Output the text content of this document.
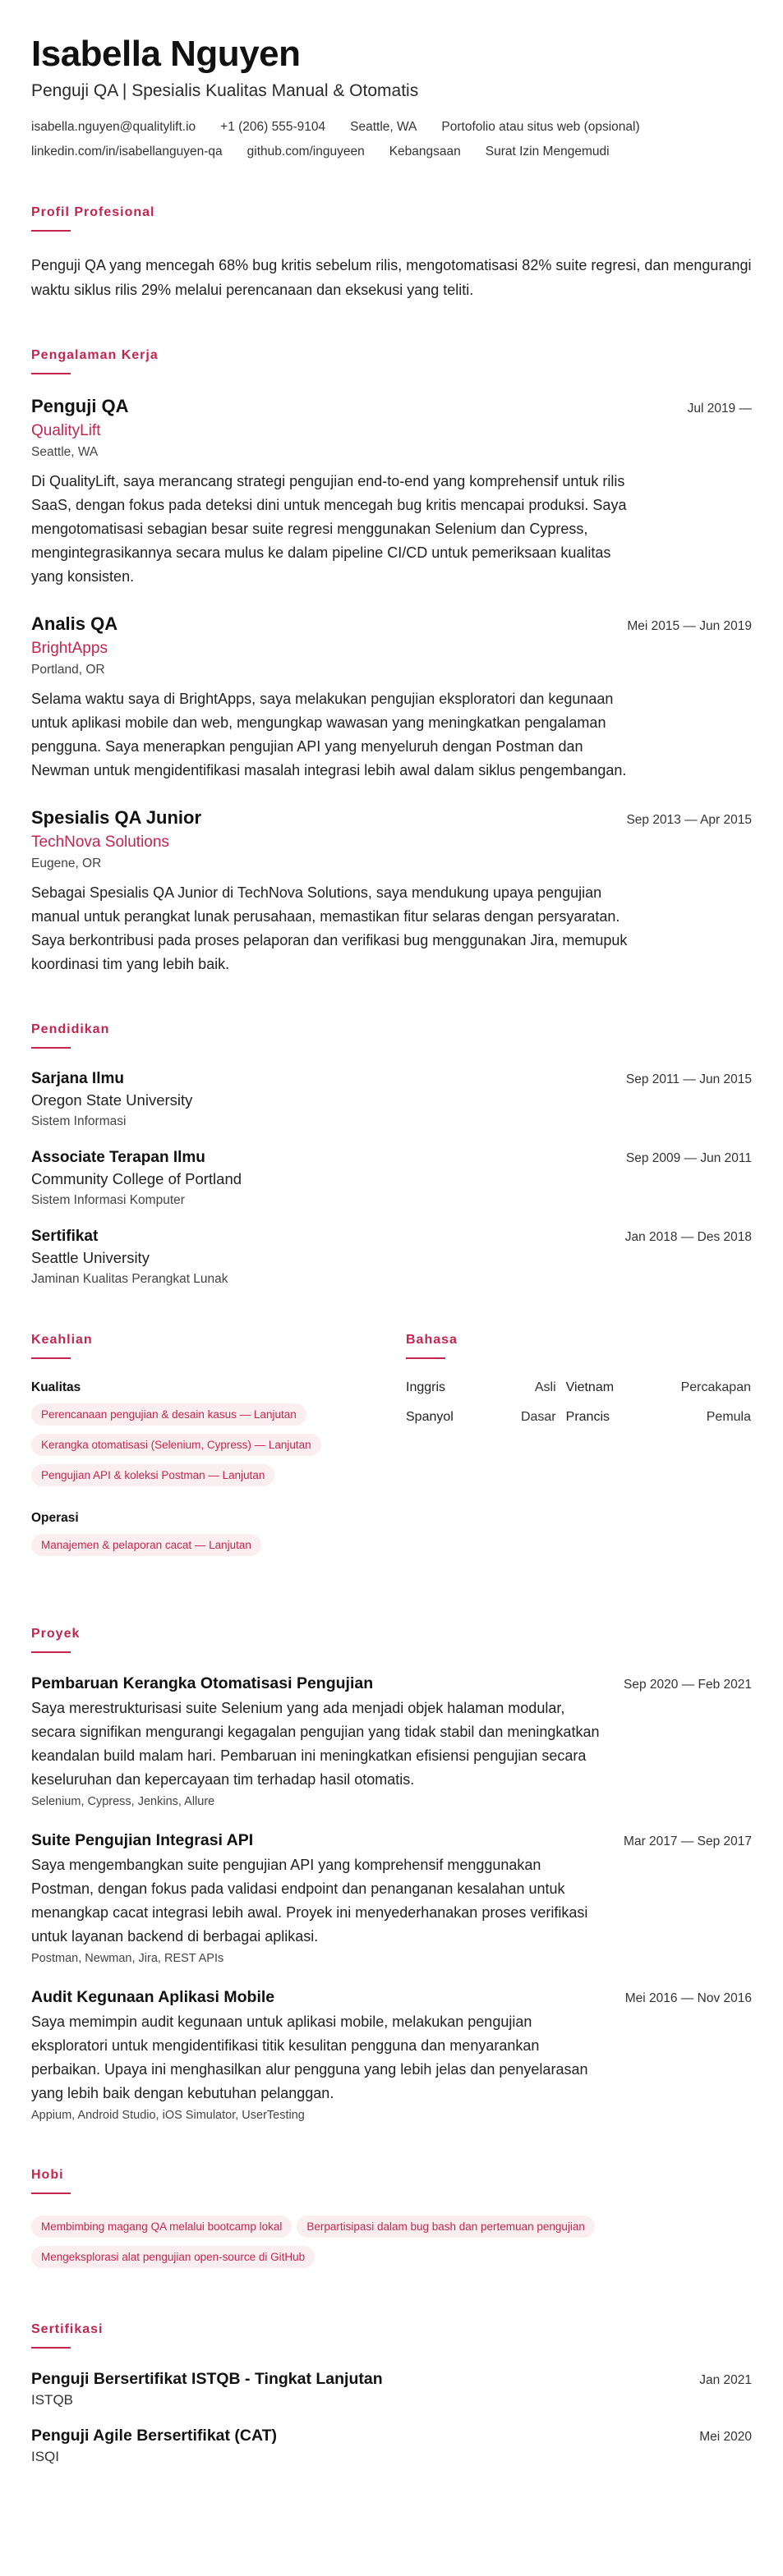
Isabella Nguyen
Penguji QA | Spesialis Kualitas Manual & Otomatis
isabella.nguyen@qualitylift.io +1 (206) 555-9104 Seattle, WA Portofolio atau situs web (opsional)
linkedin.com/in/isabellanguyen-qa github.com/inguyeen Kebangsaan Surat Izin Mengemudi
Profil Profesional

Penguji QA yang mencegah 68% bug kritis sebelum rilis, mengotomatisasi 82% suite regresi, dan mengurangi waktu siklus rilis 29% melalui perencanaan dan eksekusi yang teliti.

Pengalaman Kerja
Penguji QA	Jul 2019 —
QualityLift
Seattle, WA

Di QualityLift, saya merancang strategi pengujian end-to-end yang komprehensif untuk rilis SaaS, dengan fokus pada deteksi dini untuk mencegah bug kritis mencapai produksi. Saya mengotomatisasi sebagian besar suite regresi menggunakan Selenium dan Cypress, mengintegrasikannya secara mulus ke dalam pipeline CI/CD untuk pemeriksaan kualitas yang konsisten.

Analis QA	Mei 2015 — Jun 2019
BrightApps
Portland, OR

Selama waktu saya di BrightApps, saya melakukan pengujian eksploratori dan kegunaan untuk aplikasi mobile dan web, mengungkap wawasan yang meningkatkan pengalaman pengguna. Saya menerapkan pengujian API yang menyeluruh dengan Postman dan Newman untuk mengidentifikasi masalah integrasi lebih awal dalam siklus pengembangan.

Spesialis QA Junior	Sep 2013 — Apr 2015
TechNova Solutions
Eugene, OR

Sebagai Spesialis QA Junior di TechNova Solutions, saya mendukung upaya pengujian manual untuk perangkat lunak perusahaan, memastikan fitur selaras dengan persyaratan. Saya berkontribusi pada proses pelaporan dan verifikasi bug menggunakan Jira, memupuk koordinasi tim yang lebih baik.

Pendidikan
Sarjana Ilmu	Sep 2011 — Jun 2015
Oregon State University
Sistem Informasi
Associate Terapan Ilmu	Sep 2009 — Jun 2011
Community College of Portland
Sistem Informasi Komputer
Sertifikat	Jan 2018 — Des 2018
Seattle University
Jaminan Kualitas Perangkat Lunak
Keahlian
Kualitas
Perencanaan pengujian & desain kasus — Lanjutan
Kerangka otomatisasi (Selenium, Cypress) — Lanjutan
Pengujian API & koleksi Postman — Lanjutan
Operasi
Manajemen & pelaporan cacat — Lanjutan
Bahasa
Inggris	Asli Vietnam	Percakapan
Spanyol	Dasar Prancis	Pemula
Proyek
Pembaruan Kerangka Otomatisasi Pengujian	Sep 2020 — Feb 2021

Saya merestrukturisasi suite Selenium yang ada menjadi objek halaman modular, secara signifikan mengurangi kegagalan pengujian yang tidak stabil dan meningkatkan keandalan build malam hari. Pembaruan ini meningkatkan efisiensi pengujian secara keseluruhan dan kepercayaan tim terhadap hasil otomatis.

Selenium, Cypress, Jenkins, Allure
Suite Pengujian Integrasi API	Mar 2017 — Sep 2017

Saya mengembangkan suite pengujian API yang komprehensif menggunakan Postman, dengan fokus pada validasi endpoint dan penanganan kesalahan untuk menangkap cacat integrasi lebih awal. Proyek ini menyederhanakan proses verifikasi untuk layanan backend di berbagai aplikasi.

Postman, Newman, Jira, REST APIs
Audit Kegunaan Aplikasi Mobile	Mei 2016 — Nov 2016

Saya memimpin audit kegunaan untuk aplikasi mobile, melakukan pengujian eksploratori untuk mengidentifikasi titik kesulitan pengguna dan menyarankan perbaikan. Upaya ini menghasilkan alur pengguna yang lebih jelas dan penyelarasan yang lebih baik dengan kebutuhan pelanggan.

Appium, Android Studio, iOS Simulator, UserTesting
Hobi
Membimbing magang QA melalui bootcamp lokal	Berpartisipasi dalam bug bash dan pertemuan pengujian
Mengeksplorasi alat pengujian open-source di GitHub
Sertifikasi
Penguji Bersertifikat ISTQB - Tingkat Lanjutan	Jan 2021
ISTQB
Penguji Agile Bersertifikat (CAT)	Mei 2020
ISQI
